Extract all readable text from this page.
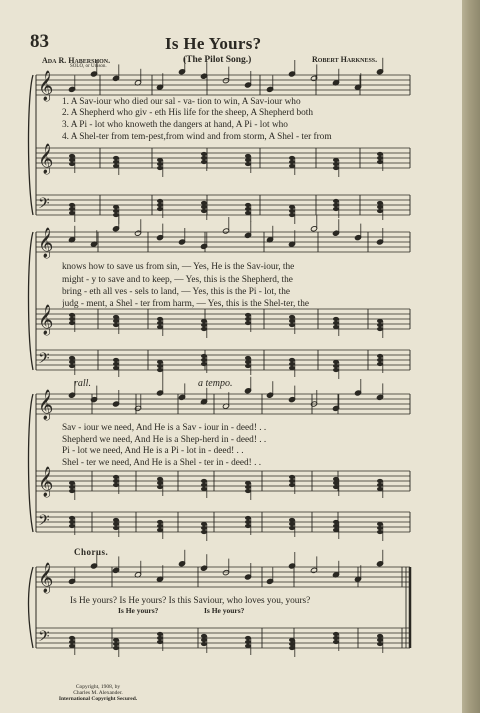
83	Is He Yours?
(The Pilot Song.)
Ada R. Habershon.
SOLO, or Unison.
Robert Harkness.
𝄞
𝄞
𝄢
𝄞
𝄞
𝄢
𝄞
𝄞
𝄢
𝄞
𝄢
1. A Sav-iour who died our sal - va- tion to win, A Sav-iour who
2. A Shepherd who giv - eth His life for the sheep, A Shepherd both
3. A Pi - lot who knoweth the dangers at hand, A Pi - lot who
4. A Shel-ter from tem-pest,from wind and from storm, A Shel - ter from
knows how to save us from sin, — Yes, He is the Sav-iour, the
might - y to save and to keep, — Yes, this is the Shepherd, the
bring - eth all ves - sels to land, — Yes, this is the Pi - lot, the
judg - ment, a Shel - ter from harm, — Yes, this is the Shel-ter, the
rall.	a tempo.
Sav - iour we need, And He is a Sav - iour in - deed! . .
Shepherd we need, And He is a Shep-herd in - deed! . .
Pi - lot we need, And He is a Pi - lot in - deed! . .
Shel - ter we need, And He is a Shel - ter in - deed! . .
Chorus.
Is He yours? Is He yours? Is this Saviour, who loves you, yours?
Is He yours?	Is He yours?
Copyright, 1908, by
Charles M. Alexander.
International Copyright Secured.
